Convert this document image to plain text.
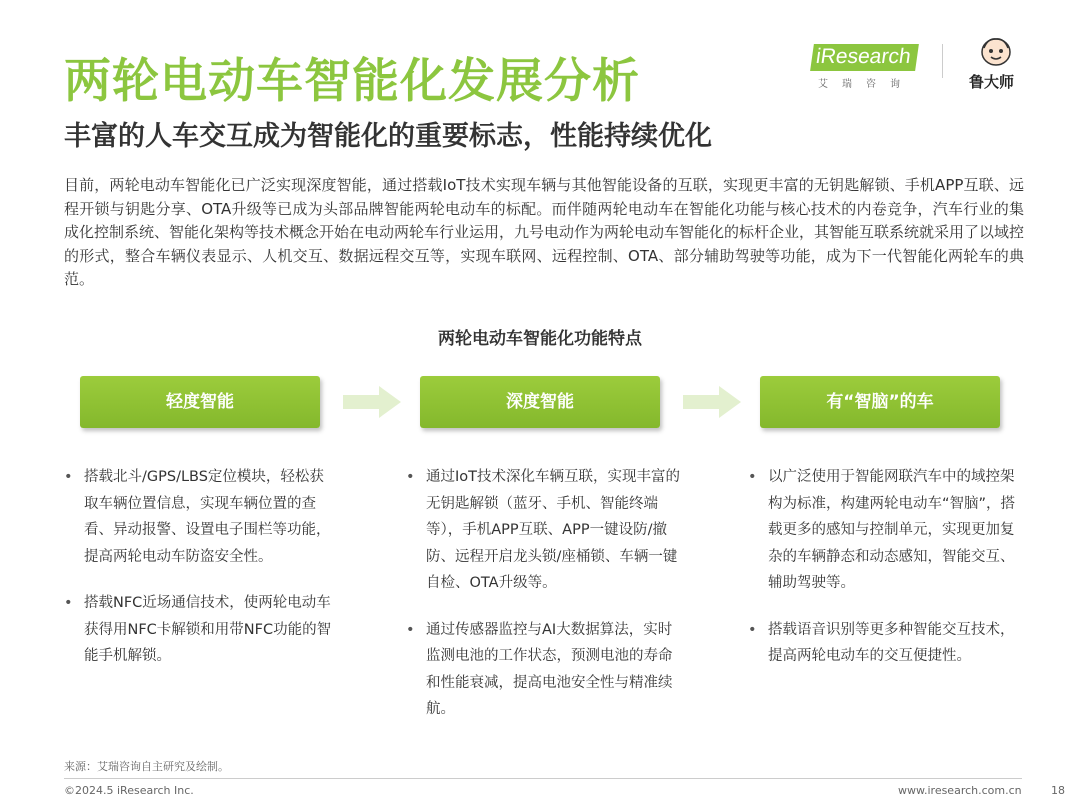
两轮电动车智能化发展分析
丰富的人车交互成为智能化的重要标志，性能持续优化
iResearch
艾瑞咨询	鲁大师
目前，两轮电动车智能化已广泛实现深度智能，通过搭载IoT技术实现车辆与其他智能设备的互联，实现更丰富的无钥匙解锁、手机APP互联、远程开锁与钥匙分享、OTA升级等已成为头部品牌智能两轮电动车的标配。而伴随两轮电动车在智能化功能与核心技术的内卷竞争，汽车行业的集成化控制系统、智能化架构等技术概念开始在电动两轮车行业运用，九号电动作为两轮电动车智能化的标杆企业，其智能互联系统就采用了以域控的形式，整合车辆仪表显示、人机交互、数据远程交互等，实现车联网、远程控制、OTA、部分辅助驾驶等功能，成为下一代智能化两轮车的典范。
两轮电动车智能化功能特点
轻度智能	深度智能	有“智脑”的车
• 搭载北斗/GPS/LBS定位模块，轻松获取车辆位置信息，实现车辆位置的查看、异动报警、设置电子围栏等功能，提高两轮电动车防盗安全性。
• 搭载NFC近场通信技术，使两轮电动车获得用NFC卡解锁和用带NFC功能的智能手机解锁。
• 通过IoT技术深化车辆互联，实现丰富的无钥匙解锁（蓝牙、手机、智能终端等），手机APP互联、APP一键设防/撤防、远程开启龙头锁/座桶锁、车辆一键自检、OTA升级等。
• 通过传感器监控与AI大数据算法，实时监测电池的工作状态，预测电池的寿命和性能衰减，提高电池安全性与精准续航。
• 以广泛使用于智能网联汽车中的域控架构为标准，构建两轮电动车“智脑”，搭载更多的感知与控制单元，实现更加复杂的车辆静态和动态感知，智能交互、辅助驾驶等。
• 搭载语音识别等更多种智能交互技术，提高两轮电动车的交互便捷性。
来源：艾瑞咨询自主研究及绘制。
©2024.5 iResearch Inc.	www.iresearch.com.cn	18
